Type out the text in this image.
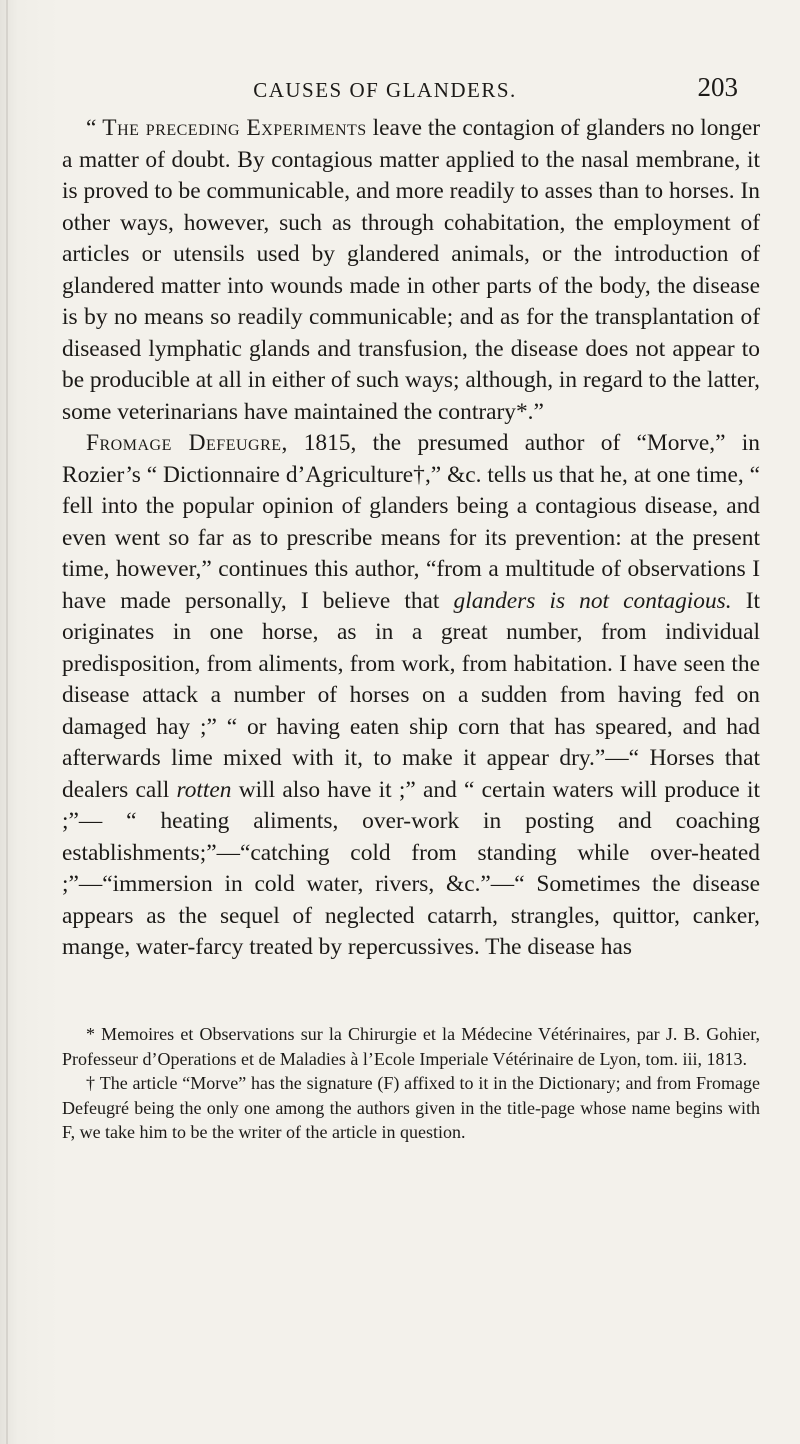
CAUSES OF GLANDERS.	203

“ The preceding Experiments leave the contagion of glanders no longer a matter of doubt. By contagious matter applied to the nasal membrane, it is proved to be communicable, and more readily to asses than to horses. In other ways, however, such as through cohabitation, the employment of articles or utensils used by glandered animals, or the introduction of glandered matter into wounds made in other parts of the body, the disease is by no means so readily communicable; and as for the transplantation of diseased lymphatic glands and transfusion, the disease does not appear to be producible at all in either of such ways; although, in regard to the latter, some veterinarians have maintained the contrary*.”

Fromage Defeugre, 1815, the presumed author of “Morve,” in Rozier’s “ Dictionnaire d’Agriculture†,” &c. tells us that he, at one time, “ fell into the popular opinion of glanders being a contagious disease, and even went so far as to prescribe means for its prevention: at the present time, however,” continues this author, “from a multitude of observations I have made personally, I believe that glanders is not contagious. It originates in one horse, as in a great number, from individual predisposition, from aliments, from work, from habitation. I have seen the disease attack a number of horses on a sudden from having fed on damaged hay ;” “ or having eaten ship corn that has speared, and had afterwards lime mixed with it, to make it appear dry.”—“ Horses that dealers call rotten will also have it ;” and “ certain waters will produce it ;”— “ heating aliments, over-work in posting and coaching establishments;”—“catching cold from standing while over-heated ;”—“immersion in cold water, rivers, &c.”—“ Sometimes the disease appears as the sequel of neglected catarrh, strangles, quittor, canker, mange, water-farcy treated by repercussives. The disease has

* Memoires et Observations sur la Chirurgie et la Médecine Vétérinaires, par J. B. Gohier, Professeur d’Operations et de Maladies à l’Ecole Imperiale Vétérinaire de Lyon, tom. iii, 1813.

† The article “Morve” has the signature (F) affixed to it in the Dictionary; and from Fromage Defeugré being the only one among the authors given in the title-page whose name begins with F, we take him to be the writer of the article in question.
